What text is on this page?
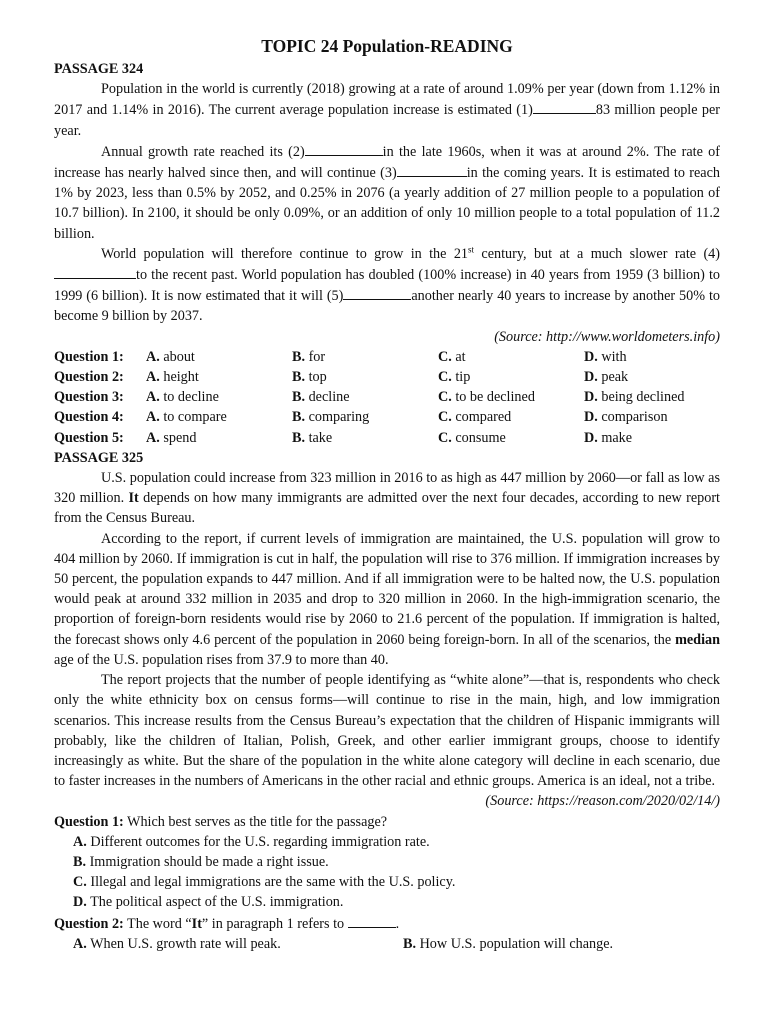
TOPIC 24 Population-READING
PASSAGE 324

Population in the world is currently (2018) growing at a rate of around 1.09% per year (down from 1.12% in 2017 and 1.14% in 2016). The current average population increase is estimated (1)	83 million people per year.

Annual growth rate reached its (2)	in the late 1960s, when it was at around 2%. The rate of increase has nearly halved since then, and will continue (3)	in the coming years. It is estimated to reach 1% by 2023, less than 0.5% by 2052, and 0.25% in 2076 (a yearly addition of 27 million people to a population of 10.7 billion). In 2100, it should be only 0.09%, or an addition of only 10 million people to a total population of 11.2 billion.

World population will therefore continue to grow in the 21st century, but at a much slower rate (4)to the recent past. World population has doubled (100% increase) in 40 years from 1959 (3 billion) to 1999 (6 billion). It is now estimated that it will (5)	another nearly 40 years to increase by another 50% to become 9 billion by 2037.

(Source: http://www.worldometers.info)
Question 1:	A. about	B. for	C. at	D. with
Question 2:	A. height	B. top	C. tip	D. peak
Question 3:	A. to decline	B. decline	C. to be declined	D. being declined
Question 4:	A. to compare	B. comparing	C. compared	D. comparison
Question 5:	A. spend	B. take	C. consume	D. make
PASSAGE 325

U.S. population could increase from 323 million in 2016 to as high as 447 million by 2060—or fall as low as 320 million. It depends on how many immigrants are admitted over the next four decades, according to new report from the Census Bureau.

According to the report, if current levels of immigration are maintained, the U.S. population will grow to 404 million by 2060. If immigration is cut in half, the population will rise to 376 million. If immigration increases by 50 percent, the population expands to 447 million. And if all immigration were to be halted now, the U.S. population would peak at around 332 million in 2035 and drop to 320 million in 2060. In the high-immigration scenario, the proportion of foreign-born residents would rise by 2060 to 21.6 percent of the population. If immigration is halted, the forecast shows only 4.6 percent of the population in 2060 being foreign-born. In all of the scenarios, the median age of the U.S. population rises from 37.9 to more than 40.

The report projects that the number of people identifying as “white alone”—that is, respondents who check only the white ethnicity box on census forms—will continue to rise in the main, high, and low immigration scenarios. This increase results from the Census Bureau’s expectation that the children of Hispanic immigrants will probably, like the children of Italian, Polish, Greek, and other earlier immigrant groups, choose to identify increasingly as white. But the share of the population in the white alone category will decline in each scenario, due to faster increases in the numbers of Americans in the other racial and ethnic groups. America is an ideal, not a tribe.

(Source: https://reason.com/2020/02/14/)
Question 1: Which best serves as the title for the passage?
A. Different outcomes for the U.S. regarding immigration rate.
B. Immigration should be made a right issue.
C. Illegal and legal immigrations are the same with the U.S. policy.
D. The political aspect of the U.S. immigration.
Question 2: The word “It” in paragraph 1 refers to	.
A. When U.S. growth rate will peak.	B. How U.S. population will change.
